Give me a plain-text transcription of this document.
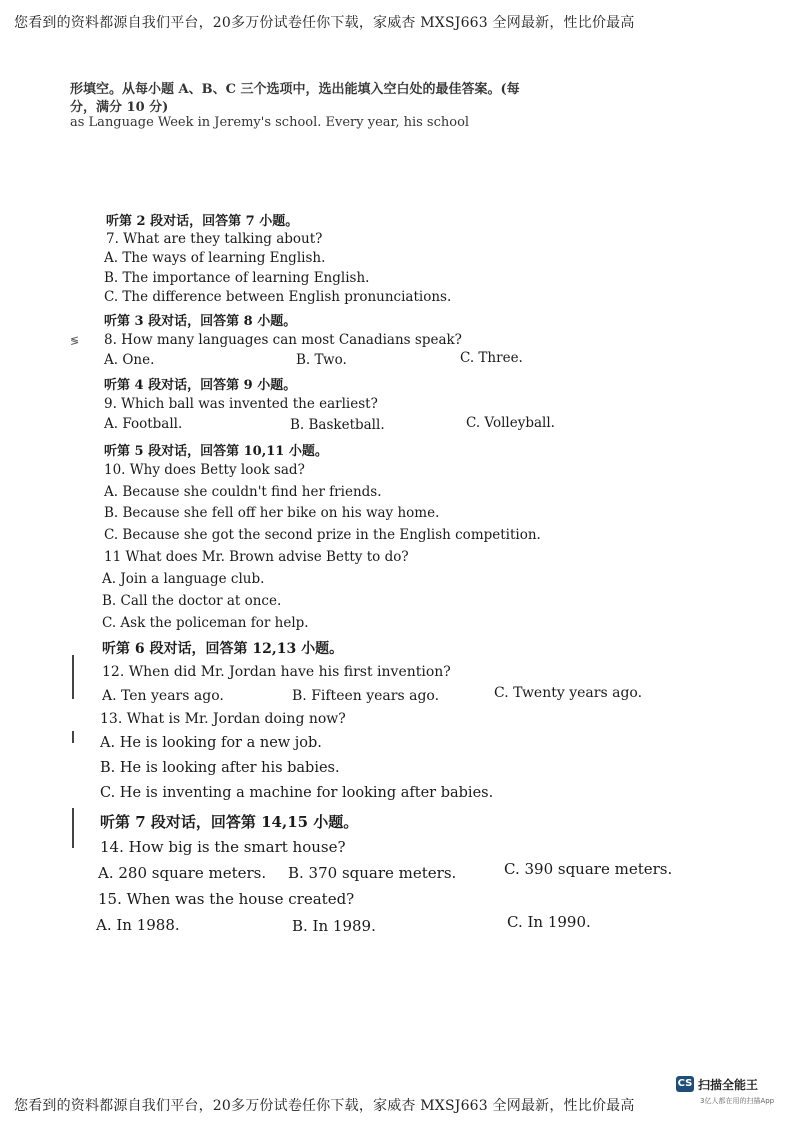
您看到的资料都源自我们平台，20多万份试卷任你下载，家威杏 MXSJ663 全网最新，性比价最高
形填空。从每小题 A、B、C 三个选项中，选出能填入空白处的最佳答案。(每
分，满分 10 分)
as Language Week in Jeremy's school. Every year, his school
听第 2 段对话，回答第 7 小题。
7. What are they talking about?
A. The ways of learning English.
B. The importance of learning English.
C. The difference between English pronunciations.
听第 3 段对话，回答第 8 小题。
≶ 8. How many languages can most Canadians speak?
A. One.	B. Two.	C. Three.
听第 4 段对话，回答第 9 小题。
9. Which ball was invented the earliest?
A. Football.	B. Basketball.	C. Volleyball.
听第 5 段对话，回答第 10,11 小题。
10. Why does Betty look sad?
A. Because she couldn't find her friends.
B. Because she fell off her bike on his way home.
C. Because she got the second prize in the English competition.
11 What does Mr. Brown advise Betty to do?
A. Join a language club.
B. Call the doctor at once.
C. Ask the policeman for help.
听第 6 段对话，回答第 12,13 小题。
12. When did Mr. Jordan have his first invention?
A. Ten years ago.	B. Fifteen years ago.	C. Twenty years ago.
13. What is Mr. Jordan doing now?
A. He is looking for a new job.
B. He is looking after his babies.
C. He is inventing a machine for looking after babies.
听第 7 段对话，回答第 14,15 小题。
14. How big is the smart house?
A. 280 square meters. B. 370 square meters.	C. 390 square meters.
15. When was the house created?
A. In 1988.	B. In 1989.	C. In 1990.
CS 扫描全能王
3亿人都在用的扫描App
您看到的资料都源自我们平台，20多万份试卷任你下载，家威杏 MXSJ663 全网最新，性比价最高
